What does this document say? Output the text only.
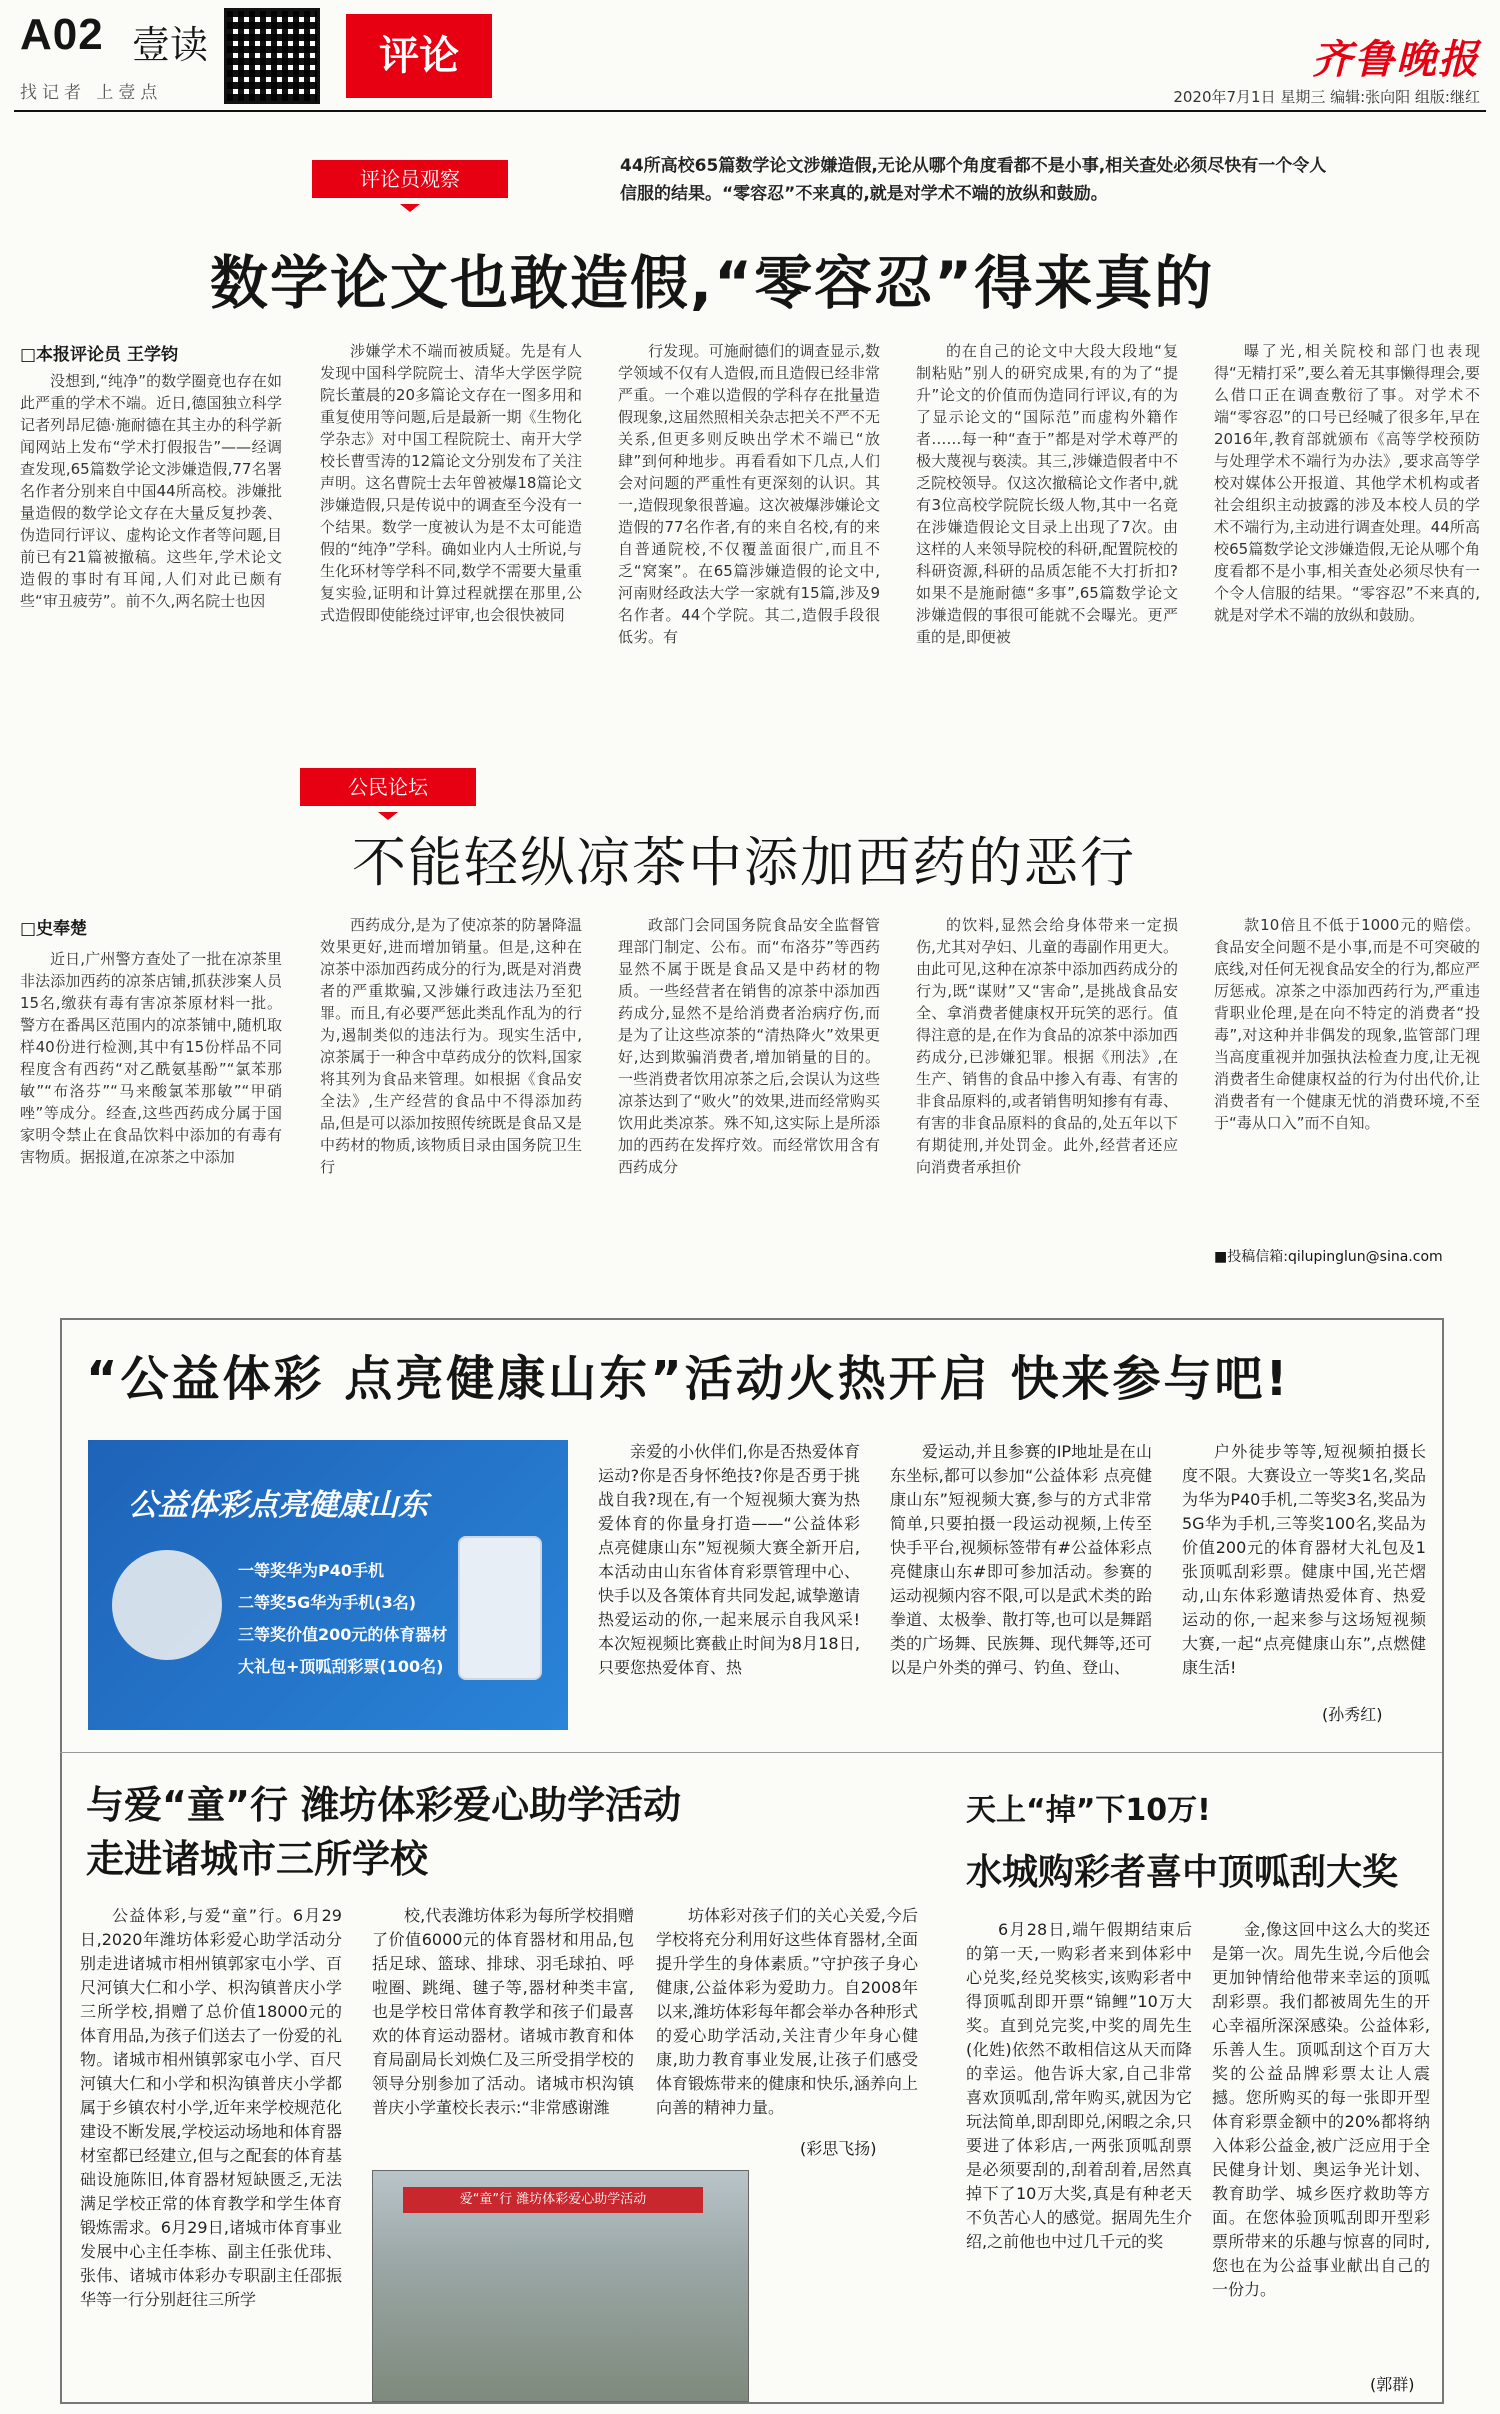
A02 壹读
找记者 上壹点
评论	齐鲁晚报
2020年7月1日 星期三 编辑:张向阳 组版:继红
评论员观察
44所高校65篇数学论文涉嫌造假,无论从哪个角度看都不是小事,相关查处必须尽快有一个令人信服的结果。“零容忍”不来真的,就是对学术不端的放纵和鼓励。
数学论文也敢造假,“零容忍”得来真的
□本报评论员 王学钧

没想到,“纯净”的数学圈竟也存在如此严重的学术不端。近日,德国独立科学记者列昂尼德·施耐德在其主办的科学新闻网站上发布“学术打假报告”——经调查发现,65篇数学论文涉嫌造假,77名署名作者分别来自中国44所高校。涉嫌批量造假的数学论文存在大量反复抄袭、伪造同行评议、虚构论文作者等问题,目前已有21篇被撤稿。这些年,学术论文造假的事时有耳闻,人们对此已颇有些“审丑疲劳”。前不久,两名院士也因

涉嫌学术不端而被质疑。先是有人发现中国科学院院士、清华大学医学院院长董晨的20多篇论文存在一图多用和重复使用等问题,后是最新一期《生物化学杂志》对中国工程院院士、南开大学校长曹雪涛的12篇论文分别发布了关注声明。这名曹院士去年曾被爆18篇论文涉嫌造假,只是传说中的调查至今没有一个结果。数学一度被认为是不太可能造假的“纯净”学科。确如业内人士所说,与生化环材等学科不同,数学不需要大量重复实验,证明和计算过程就摆在那里,公式造假即使能绕过评审,也会很快被同

行发现。可施耐德们的调查显示,数学领域不仅有人造假,而且造假已经非常严重。一个难以造假的学科存在批量造假现象,这届然照相关杂志把关不严不无关系,但更多则反映出学术不端已“放肆”到何种地步。再看看如下几点,人们会对问题的严重性有更深刻的认识。其一,造假现象很普遍。这次被爆涉嫌论文造假的77名作者,有的来自名校,有的来自普通院校,不仅覆盖面很广,而且不乏“窝案”。在65篇涉嫌造假的论文中,河南财经政法大学一家就有15篇,涉及9名作者。44个学院。其二,造假手段很低劣。有

的在自己的论文中大段大段地“复制粘贴”别人的研究成果,有的为了“提升”论文的价值而伪造同行评议,有的为了显示论文的“国际范”而虚构外籍作者……每一种“查于”都是对学术尊严的极大蔑视与亵渎。其三,涉嫌造假者中不乏院校领导。仅这次撤稿论文作者中,就有3位高校学院院长级人物,其中一名竟在涉嫌造假论文目录上出现了7次。由这样的人来领导院校的科研,配置院校的科研资源,科研的品质怎能不大打折扣?如果不是施耐德“多事”,65篇数学论文涉嫌造假的事很可能就不会曝光。更严重的是,即便被

曝了光,相关院校和部门也表现得“无精打采”,要么着无其事懒得理会,要么借口正在调查敷衍了事。对学术不端“零容忍”的口号已经喊了很多年,早在2016年,教育部就颁布《高等学校预防与处理学术不端行为办法》,要求高等学校对媒体公开报道、其他学术机构或者社会组织主动披露的涉及本校人员的学术不端行为,主动进行调查处理。44所高校65篇数学论文涉嫌造假,无论从哪个角度看都不是小事,相关查处必须尽快有一个令人信服的结果。“零容忍”不来真的,就是对学术不端的放纵和鼓励。

公民论坛
不能轻纵凉茶中添加西药的恶行
□史奉楚

近日,广州警方查处了一批在凉茶里非法添加西药的凉茶店铺,抓获涉案人员15名,缴获有毒有害凉茶原材料一批。警方在番禺区范围内的凉茶铺中,随机取样40份进行检测,其中有15份样品不同程度含有西药“对乙酰氨基酚”“氯苯那敏”“布洛芬”“马来酸氯苯那敏”“甲硝唑”等成分。经查,这些西药成分属于国家明令禁止在食品饮料中添加的有毒有害物质。据报道,在凉茶之中添加

西药成分,是为了使凉茶的防暑降温效果更好,进而增加销量。但是,这种在凉茶中添加西药成分的行为,既是对消费者的严重欺骗,又涉嫌行政违法乃至犯罪。而且,有必要严惩此类乱作乱为的行为,遏制类似的违法行为。现实生活中,凉茶属于一种含中草药成分的饮料,国家将其列为食品来管理。如根据《食品安全法》,生产经营的食品中不得添加药品,但是可以添加按照传统既是食品又是中药材的物质,该物质目录由国务院卫生行

政部门会同国务院食品安全监督管理部门制定、公布。而“布洛芬”等西药显然不属于既是食品又是中药材的物质。一些经营者在销售的凉茶中添加西药成分,显然不是给消费者治病疗伤,而是为了让这些凉茶的“清热降火”效果更好,达到欺骗消费者,增加销量的目的。一些消费者饮用凉茶之后,会误认为这些凉茶达到了“败火”的效果,进而经常购买饮用此类凉茶。殊不知,这实际上是所添加的西药在发挥疗效。而经常饮用含有西药成分

的饮料,显然会给身体带来一定损伤,尤其对孕妇、儿童的毒副作用更大。由此可见,这种在凉茶中添加西药成分的行为,既“谋财”又“害命”,是挑战食品安全、拿消费者健康权开玩笑的恶行。值得注意的是,在作为食品的凉茶中添加西药成分,已涉嫌犯罪。根据《刑法》,在生产、销售的食品中掺入有毒、有害的非食品原料的,或者销售明知掺有有毒、有害的非食品原料的食品的,处五年以下有期徒刑,并处罚金。此外,经营者还应向消费者承担价

款10倍且不低于1000元的赔偿。食品安全问题不是小事,而是不可突破的底线,对任何无视食品安全的行为,都应严厉惩戒。凉茶之中添加西药行为,严重违背职业伦理,是在向不特定的消费者“投毒”,对这种并非偶发的现象,监管部门理当高度重视并加强执法检查力度,让无视消费者生命健康权益的行为付出代价,让消费者有一个健康无忧的消费环境,不至于“毒从口入”而不自知。

■投稿信箱:qilupinglun@sina.com
“公益体彩 点亮健康山东”活动火热开启 快来参与吧!
公益体彩点亮健康山东
一等奖华为P40手机
二等奖5G华为手机(3名)
三等奖价值200元的体育器材
大礼包+顶呱刮彩票(100名)

亲爱的小伙伴们,你是否热爱体育运动?你是否身怀绝技?你是否勇于挑战自我?现在,有一个短视频大赛为热爱体育的你量身打造——“公益体彩 点亮健康山东”短视频大赛全新开启,本活动由山东省体育彩票管理中心、快手以及各策体育共同发起,诚挚邀请热爱运动的你,一起来展示自我风采!本次短视频比赛截止时间为8月18日,只要您热爱体育、热

爱运动,并且参赛的IP地址是在山东坐标,都可以参加“公益体彩 点亮健康山东”短视频大赛,参与的方式非常简单,只要拍摄一段运动视频,上传至快手平台,视频标签带有#公益体彩点亮健康山东#即可参加活动。参赛的运动视频内容不限,可以是武术类的跆拳道、太极拳、散打等,也可以是舞蹈类的广场舞、民族舞、现代舞等,还可以是户外类的弹弓、钓鱼、登山、

户外徒步等等,短视频拍摄长度不限。大赛设立一等奖1名,奖品为华为P40手机,二等奖3名,奖品为5G华为手机,三等奖100名,奖品为价值200元的体育器材大礼包及1张顶呱刮彩票。健康中国,光芒熠动,山东体彩邀请热爱体育、热爱运动的你,一起来参与这场短视频大赛,一起“点亮健康山东”,点燃健康生活!

(孙秀红)
与爱“童”行 潍坊体彩爱心助学活动
走进诸城市三所学校

公益体彩,与爱“童”行。6月29日,2020年潍坊体彩爱心助学活动分别走进诸城市相州镇郭家屯小学、百尺河镇大仁和小学、枳沟镇普庆小学三所学校,捐赠了总价值18000元的体育用品,为孩子们送去了一份爱的礼物。诸城市相州镇郭家屯小学、百尺河镇大仁和小学和枳沟镇普庆小学都属于乡镇农村小学,近年来学校规范化建设不断发展,学校运动场地和体育器材室都已经建立,但与之配套的体育基础设施陈旧,体育器材短缺匮乏,无法满足学校正常的体育教学和学生体育锻炼需求。6月29日,诸城市体育事业发展中心主任李栋、副主任张优玮、张伟、诸城市体彩办专职副主任邵振华等一行分别赶往三所学

校,代表潍坊体彩为每所学校捐赠了价值6000元的体育器材和用品,包括足球、篮球、排球、羽毛球拍、呼啦圈、跳绳、毽子等,器材种类丰富,也是学校日常体育教学和孩子们最喜欢的体育运动器材。诸城市教育和体育局副局长刘焕仁及三所受捐学校的领导分别参加了活动。诸城市枳沟镇普庆小学董校长表示:“非常感谢潍

坊体彩对孩子们的关心关爱,今后学校将充分利用好这些体育器材,全面提升学生的身体素质。”守护孩子身心健康,公益体彩为爱助力。自2008年以来,潍坊体彩每年都会举办各种形式的爱心助学活动,关注青少年身心健康,助力教育事业发展,让孩子们感受体育锻炼带来的健康和快乐,涵养向上向善的精神力量。

(彩思飞扬)
爱“童”行 潍坊体彩爱心助学活动
天上“掉”下10万!
水城购彩者喜中顶呱刮大奖

6月28日,端午假期结束后的第一天,一购彩者来到体彩中心兑奖,经兑奖核实,该购彩者中得顶呱刮即开票“锦鲤”10万大奖。直到兑完奖,中奖的周先生(化姓)依然不敢相信这从天而降的幸运。他告诉大家,自己非常喜欢顶呱刮,常年购买,就因为它玩法简单,即刮即兑,闲暇之余,只要进了体彩店,一两张顶呱刮票是必须要刮的,刮着刮着,居然真掉下了10万大奖,真是有种老天不负苦心人的感觉。据周先生介绍,之前他也中过几千元的奖

金,像这回中这么大的奖还是第一次。周先生说,今后他会更加钟情给他带来幸运的顶呱刮彩票。我们都被周先生的开心幸福所深深感染。公益体彩,乐善人生。顶呱刮这个百万大奖的公益品牌彩票太让人震撼。您所购买的每一张即开型体育彩票金额中的20%都将纳入体彩公益金,被广泛应用于全民健身计划、奥运争光计划、教育助学、城乡医疗救助等方面。在您体验顶呱刮即开型彩票所带来的乐趣与惊喜的同时,您也在为公益事业献出自己的一份力。

(郭群)
